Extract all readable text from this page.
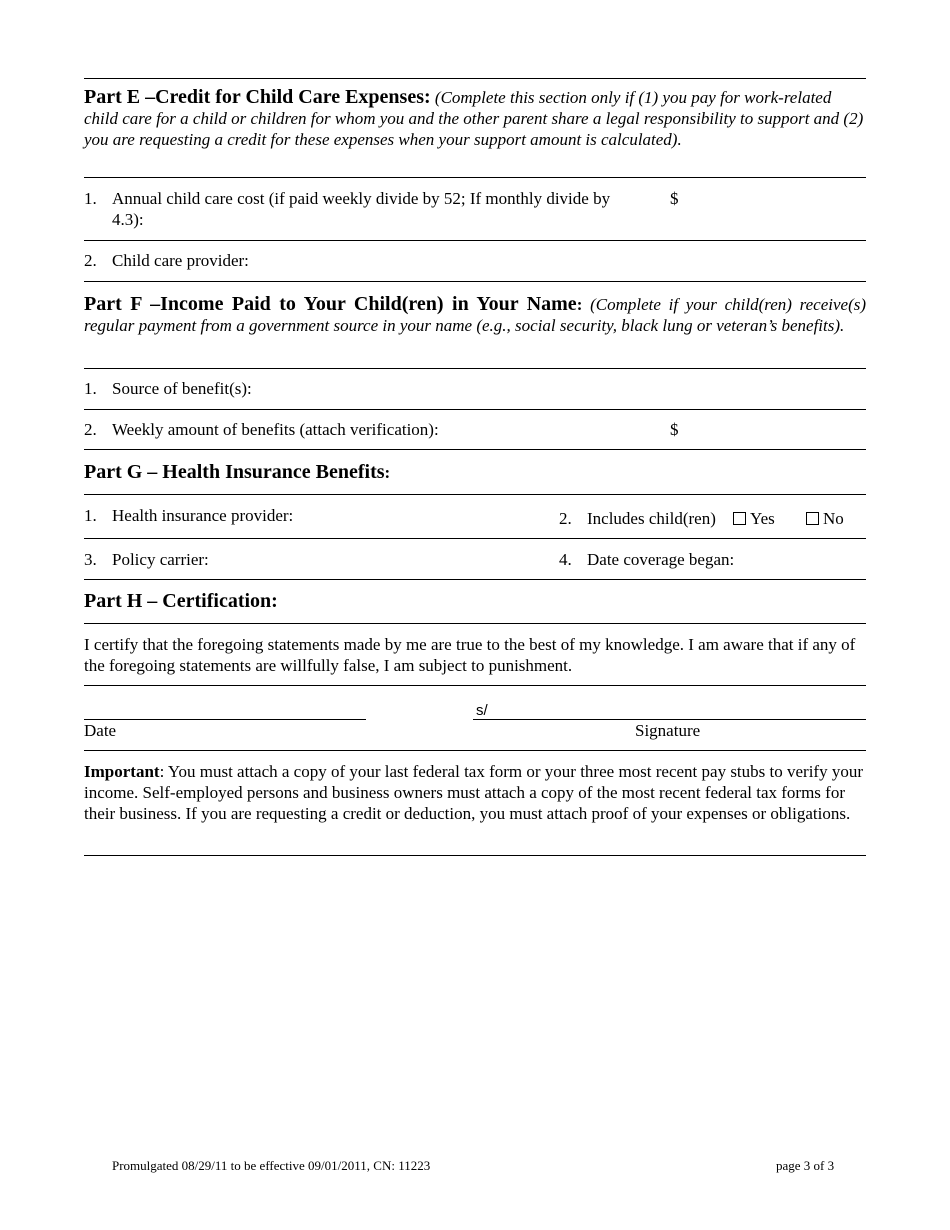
Part E –Credit for Child Care Expenses: (Complete this section only if (1) you pay for work-related child care for a child or children for whom you and the other parent share a legal responsibility to support and (2) you are requesting a credit for these expenses when your support amount is calculated).
1. Annual child care cost (if paid weekly divide by 52; If monthly divide by
4.3):
$
2. Child care provider:
Part F –Income Paid to Your Child(ren) in Your Name: (Complete if your child(ren) receive(s) regular payment from a government source in your name (e.g., social security, black lung or veteran’s benefits).
1. Source of benefit(s):
2. Weekly amount of benefits (attach verification):	$
Part G – Health Insurance Benefits:
1. Health insurance provider:	2. Includes child(ren)	Yes	No
3. Policy carrier:	4. Date coverage began:
Part H – Certification:
I certify that the foregoing statements made by me are true to the best of my knowledge. I am aware that if any of the foregoing statements are willfully false, I am subject to punishment.
s/
Date	Signature
Important: You must attach a copy of your last federal tax form or your three most recent pay stubs to verify your income. Self-employed persons and business owners must attach a copy of the most recent federal tax forms for their business. If you are requesting a credit or deduction, you must attach proof of your expenses or obligations.
Promulgated 08/29/11 to be effective 09/01/2011, CN: 11223	page 3 of 3
